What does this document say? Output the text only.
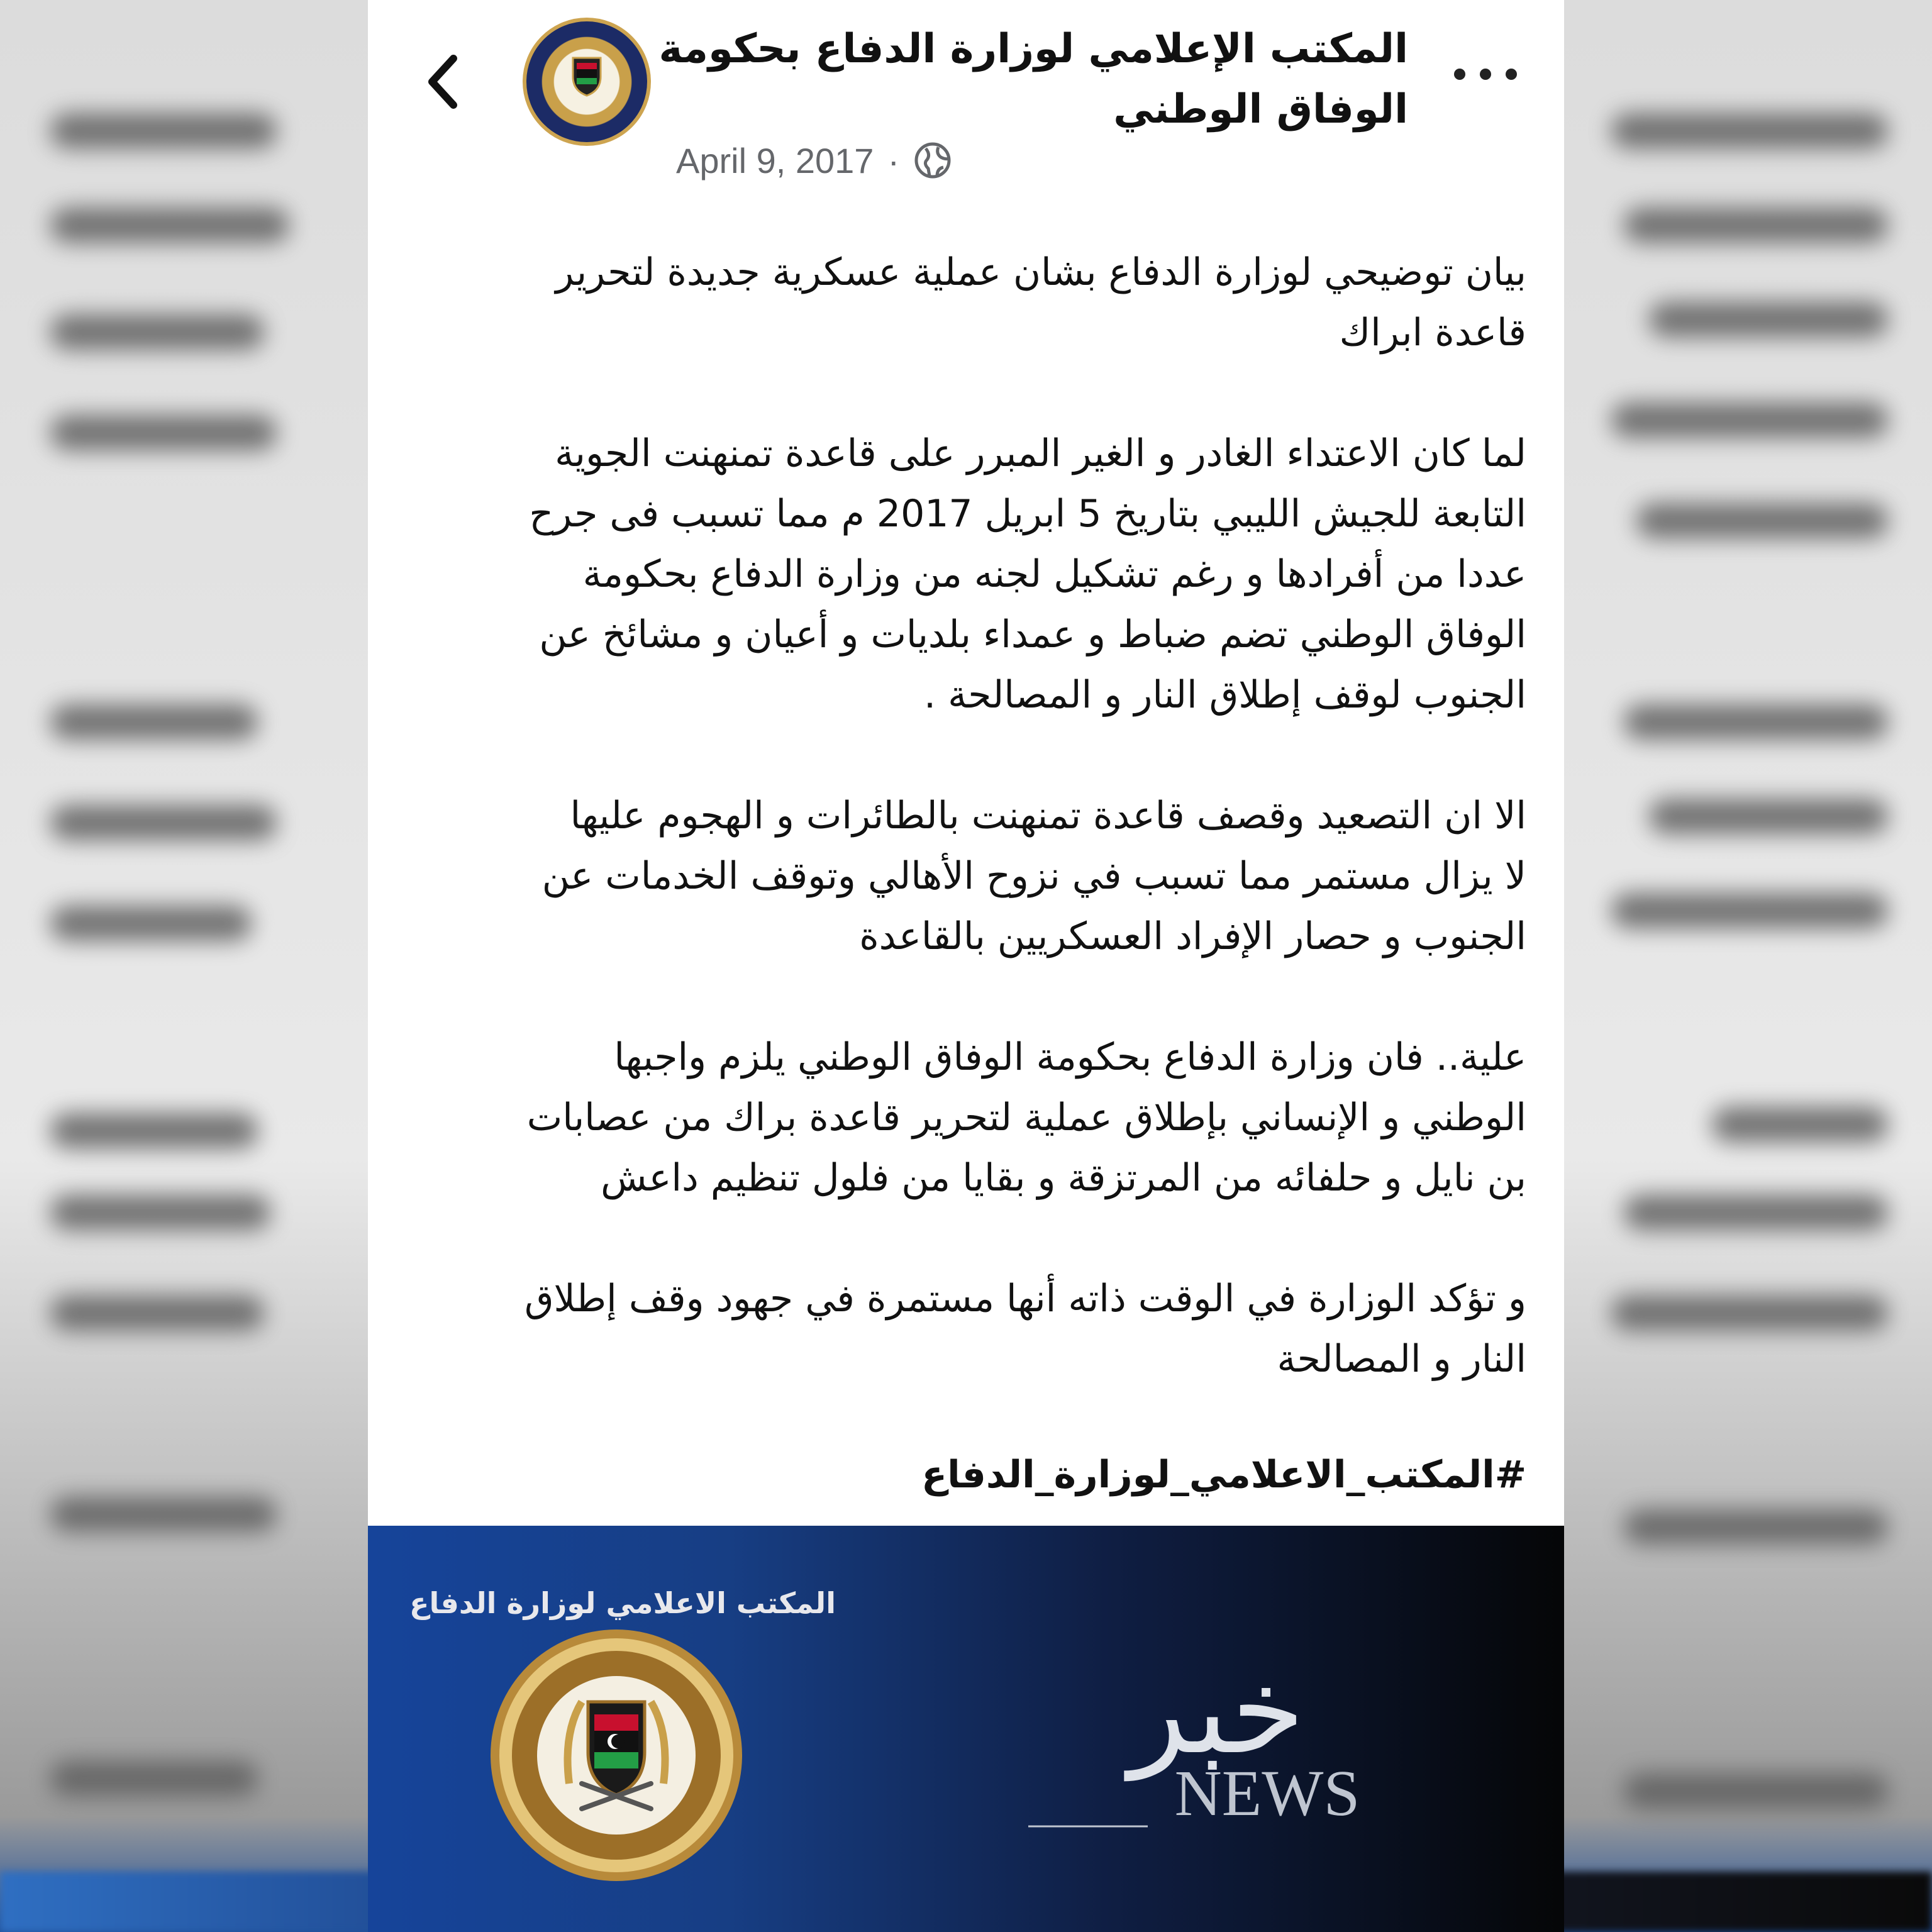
المكتب الإعلامي لوزارة الدفاع بحكومة الوفاق الوطني
April 9, 2017 ·

بيان توضيحي لوزارة الدفاع بشان عملية عسكرية جديدة لتحرير
قاعدة ابراك

لما كان الاعتداء الغادر و الغير المبرر على قاعدة تمنهنت الجوية
التابعة للجيش الليبي بتاريخ 5 ابريل 2017 م مما تسبب فى جرح
عددا من أفرادها و رغم تشكيل لجنه من وزارة الدفاع بحكومة
الوفاق الوطني تضم ضباط و عمداء بلديات و أعيان و مشائخ عن
الجنوب لوقف إطلاق النار و المصالحة .

الا ان التصعيد وقصف قاعدة تمنهنت بالطائرات و الهجوم عليها
لا يزال مستمر مما تسبب في نزوح الأهالي وتوقف الخدمات عن
الجنوب و حصار الإفراد العسكريين بالقاعدة

علية.. فان وزارة الدفاع بحكومة الوفاق الوطني يلزم واجبها
الوطني و الإنساني بإطلاق عملية لتحرير قاعدة براك من عصابات
بن نايل و حلفائه من المرتزقة و بقايا من فلول تنظيم داعش

و تؤكد الوزارة في الوقت ذاته أنها مستمرة في جهود وقف إطلاق
النار و المصالحة

#المكتب_الاعلامي_لوزارة_الدفاع
المكتب الاعلامي لوزارة الدفاع
خبر
NEWS
